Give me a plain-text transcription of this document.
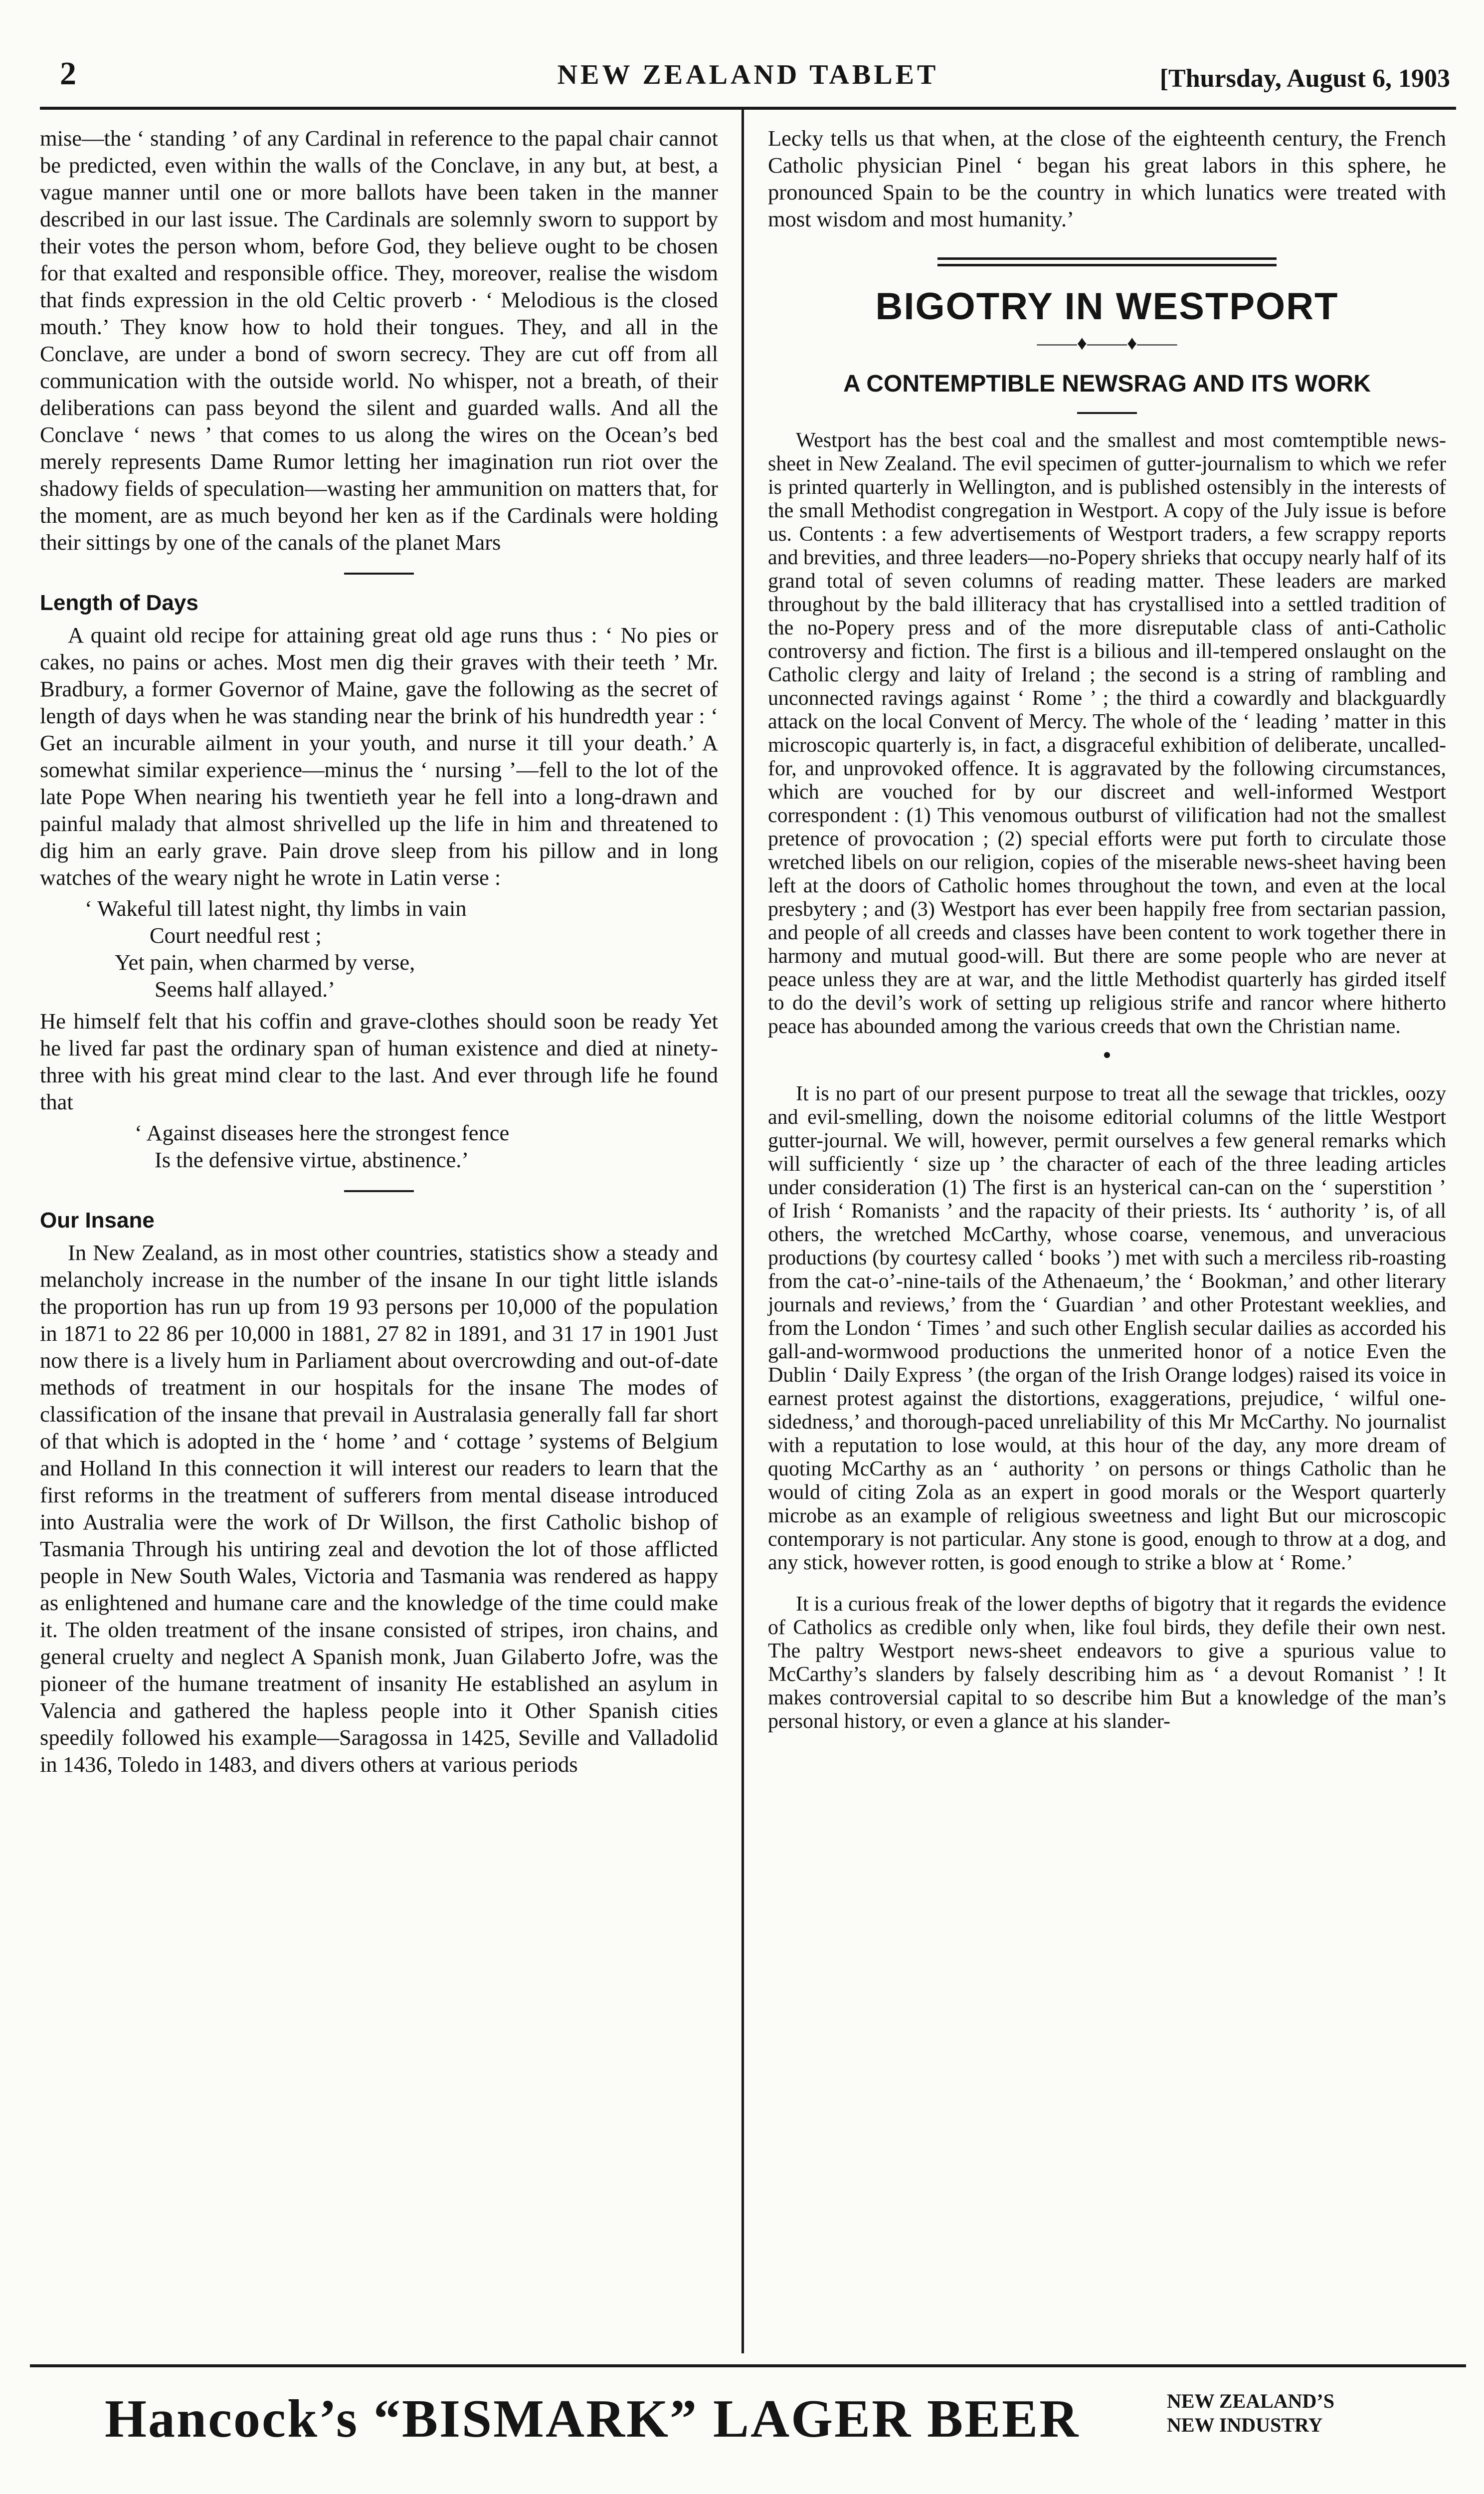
2	NEW ZEALAND TABLET	[Thursday, August 6, 1903

mise—the ‘ standing ’ of any Cardinal in reference to the papal chair cannot be predicted, even within the walls of the Conclave, in any but, at best, a vague manner until one or more ballots have been taken in the manner described in our last issue. The Cardinals are solemnly sworn to support by their votes the person whom, before God, they believe ought to be chosen for that exalted and responsible office. They, moreover, realise the wisdom that finds expression in the old Celtic proverb · ‘ Melodious is the closed mouth.’ They know how to hold their tongues. They, and all in the Conclave, are under a bond of sworn secrecy. They are cut off from all communication with the outside world. No whisper, not a breath, of their deliberations can pass beyond the silent and guarded walls. And all the Conclave ‘ news ’ that comes to us along the wires on the Ocean’s bed merely represents Dame Rumor letting her imagination run riot over the shadowy fields of speculation—wasting her ammunition on matters that, for the moment, are as much beyond her ken as if the Cardinals were holding their sittings by one of the canals of the planet Mars

Length of Days

A quaint old recipe for attaining great old age runs thus : ‘ No pies or cakes, no pains or aches. Most men dig their graves with their teeth ’ Mr. Bradbury, a former Governor of Maine, gave the following as the secret of length of days when he was standing near the brink of his hundredth year : ‘ Get an incurable ailment in your youth, and nurse it till your death.’ A somewhat similar experience—minus the ‘ nursing ’—fell to the lot of the late Pope When nearing his twentieth year he fell into a long-drawn and painful malady that almost shrivelled up the life in him and threatened to dig him an early grave. Pain drove sleep from his pillow and in long watches of the weary night he wrote in Latin verse :

‘ Wakeful till latest night, thy limbs in vain
Court needful rest ;
Yet pain, when charmed by verse,
Seems half allayed.’

He himself felt that his coffin and grave-clothes should soon be ready Yet he lived far past the ordinary span of human existence and died at ninety-three with his great mind clear to the last. And ever through life he found that

‘ Against diseases here the strongest fence
Is the defensive virtue, abstinence.’
Our Insane

In New Zealand, as in most other countries, statistics show a steady and melancholy increase in the number of the insane In our tight little islands the proportion has run up from 19 93 persons per 10,000 of the population in 1871 to 22 86 per 10,000 in 1881, 27 82 in 1891, and 31 17 in 1901 Just now there is a lively hum in Parliament about overcrowding and out-of-date methods of treatment in our hospitals for the insane The modes of classification of the insane that prevail in Australasia generally fall far short of that which is adopted in the ‘ home ’ and ‘ cottage ’ systems of Belgium and Holland In this connection it will interest our readers to learn that the first reforms in the treatment of sufferers from mental disease introduced into Australia were the work of Dr Willson, the first Catholic bishop of Tasmania Through his untiring zeal and devotion the lot of those afflicted people in New South Wales, Victoria and Tasmania was rendered as happy as enlightened and humane care and the knowledge of the time could make it. The olden treatment of the insane consisted of stripes, iron chains, and general cruelty and neglect A Spanish monk, Juan Gilaberto Jofre, was the pioneer of the humane treatment of insanity He established an asylum in Valencia and gathered the hapless people into it Other Spanish cities speedily followed his example—Saragossa in 1425, Seville and Valladolid in 1436, Toledo in 1483, and divers others at various periods

Lecky tells us that when, at the close of the eighteenth century, the French Catholic physician Pinel ‘ began his great labors in this sphere, he pronounced Spain to be the country in which lunatics were treated with most wisdom and most humanity.’

BIGOTRY IN WESTPORT
——♦——♦——
A CONTEMPTIBLE NEWSRAG AND ITS WORK

Westport has the best coal and the smallest and most comtemptible news-sheet in New Zealand. The evil specimen of gutter-journalism to which we refer is printed quarterly in Wellington, and is published ostensibly in the interests of the small Methodist congregation in Westport. A copy of the July issue is before us. Contents : a few advertisements of Westport traders, a few scrappy reports and brevities, and three leaders—no-Popery shrieks that occupy nearly half of its grand total of seven columns of reading matter. These leaders are marked throughout by the bald illiteracy that has crystallised into a settled tradition of the no-Popery press and of the more disreputable class of anti-Catholic controversy and fiction. The first is a bilious and ill-tempered onslaught on the Catholic clergy and laity of Ireland ; the second is a string of rambling and unconnected ravings against ‘ Rome ’ ; the third a cowardly and blackguardly attack on the local Convent of Mercy. The whole of the ‘ leading ’ matter in this microscopic quarterly is, in fact, a disgraceful exhibition of deliberate, uncalled-for, and unprovoked offence. It is aggravated by the following circumstances, which are vouched for by our discreet and well-informed Westport correspondent : (1) This venomous outburst of vilification had not the smallest pretence of provocation ; (2) special efforts were put forth to circulate those wretched libels on our religion, copies of the miserable news-sheet having been left at the doors of Catholic homes throughout the town, and even at the local presbytery ; and (3) Westport has ever been happily free from sectarian passion, and people of all creeds and classes have been content to work together there in harmony and mutual good-will. But there are some people who are never at peace unless they are at war, and the little Methodist quarterly has girded itself to do the devil’s work of setting up religious strife and rancor where hitherto peace has abounded among the various creeds that own the Christian name.

●

It is no part of our present purpose to treat all the sewage that trickles, oozy and evil-smelling, down the noisome editorial columns of the little Westport gutter-journal. We will, however, permit ourselves a few general remarks which will sufficiently ‘ size up ’ the character of each of the three leading articles under consideration (1) The first is an hysterical can-can on the ‘ superstition ’ of Irish ‘ Romanists ’ and the rapacity of their priests. Its ‘ authority ’ is, of all others, the wretched McCarthy, whose coarse, venemous, and unveracious productions (by courtesy called ‘ books ’) met with such a merciless rib-roasting from the cat-o’-nine-tails of the Athenaeum,’ the ‘ Bookman,’ and other literary journals and reviews,’ from the ‘ Guardian ’ and other Protestant weeklies, and from the London ‘ Times ’ and such other English secular dailies as accorded his gall-and-wormwood productions the unmerited honor of a notice Even the Dublin ‘ Daily Express ’ (the organ of the Irish Orange lodges) raised its voice in earnest protest against the distortions, exaggerations, prejudice, ‘ wilful one-sidedness,’ and thorough-paced unreliability of this Mr McCarthy. No journalist with a reputation to lose would, at this hour of the day, any more dream of quoting McCarthy as an ‘ authority ’ on persons or things Catholic than he would of citing Zola as an expert in good morals or the Wesport quarterly microbe as an example of religious sweetness and light But our microscopic contemporary is not particular. Any stone is good, enough to throw at a dog, and any stick, however rotten, is good enough to strike a blow at ‘ Rome.’

It is a curious freak of the lower depths of bigotry that it regards the evidence of Catholics as credible only when, like foul birds, they defile their own nest. The paltry Westport news-sheet endeavors to give a spurious value to McCarthy’s slanders by falsely describing him as ‘ a devout Romanist ’ ! It makes controversial capital to so describe him But a knowledge of the man’s personal history, or even a glance at his slander-

Hancock’s “BISMARK” LAGER BEER	NEW ZEALAND’S
NEW INDUSTRY
